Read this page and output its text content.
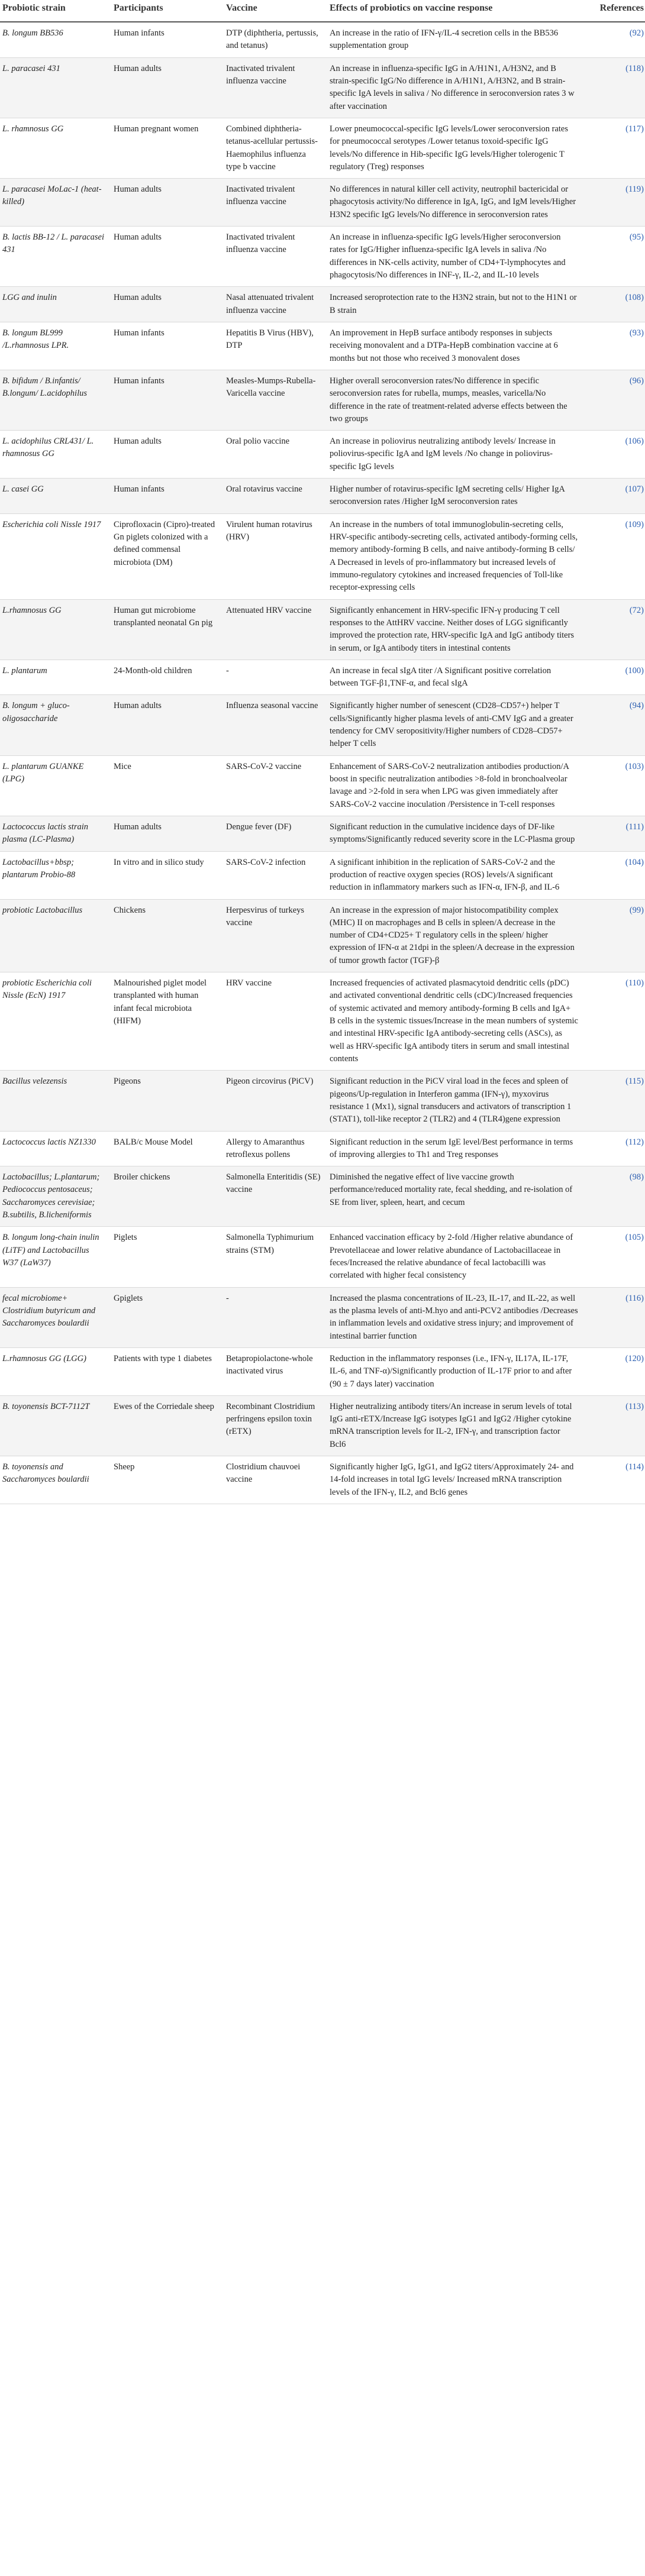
Probiotic strain	Participants	Vaccine	Effects of probiotics on vaccine response	References
B. longum BB536	Human infants	DTP (diphtheria, pertussis, and tetanus)	An increase in the ratio of IFN-γ/IL-4 secretion cells in the BB536 supplementation group	(92)
L. paracasei 431	Human adults	Inactivated trivalent influenza vaccine	An increase in influenza-specific IgG in A/H1N1, A/H3N2, and B strain-specific IgG/No difference in A/H1N1, A/H3N2, and B strain-specific IgA levels in saliva / No difference in seroconversion rates 3 w after vaccination	(118)
L. rhamnosus GG	Human pregnant women	Combined diphtheria-tetanus-acellular pertussis-Haemophilus influenza type b vaccine	Lower pneumococcal-specific IgG levels/Lower seroconversion rates for pneumococcal serotypes /Lower tetanus toxoid-specific IgG levels/No difference in Hib-specific IgG levels/Higher tolerogenic T regulatory (Treg) responses	(117)
L. paracasei MoLac-1 (heat-killed)	Human adults	Inactivated trivalent influenza vaccine	No differences in natural killer cell activity, neutrophil bactericidal or phagocytosis activity/No difference in IgA, IgG, and IgM levels/Higher H3N2 specific IgG levels/No difference in seroconversion rates	(119)
B. lactis BB-12 / L. paracasei 431	Human adults	Inactivated trivalent influenza vaccine	An increase in influenza-specific IgG levels/Higher seroconversion rates for IgG/Higher influenza-specific IgA levels in saliva /No differences in NK-cells activity, number of CD4+T-lymphocytes and phagocytosis/No differences in INF-γ, IL-2, and IL-10 levels	(95)
LGG and inulin	Human adults	Nasal attenuated trivalent influenza vaccine	Increased seroprotection rate to the H3N2 strain, but not to the H1N1 or B strain	(108)
B. longum BL999 /L.rhamnosus LPR.	Human infants	Hepatitis B Virus (HBV), DTP	An improvement in HepB surface antibody responses in subjects receiving monovalent and a DTPa-HepB combination vaccine at 6 months but not those who received 3 monovalent doses	(93)
B. bifidum / B.infantis/ B.longum/ L.acidophilus	Human infants	Measles-Mumps-Rubella-Varicella vaccine	Higher overall seroconversion rates/No difference in specific seroconversion rates for rubella, mumps, measles, varicella/No difference in the rate of treatment-related adverse effects between the two groups	(96)
L. acidophilus CRL431/ L. rhamnosus GG	Human adults	Oral polio vaccine	An increase in poliovirus neutralizing antibody levels/ Increase in poliovirus-specific IgA and IgM levels /No change in poliovirus-specific IgG levels	(106)
L. casei GG	Human infants	Oral rotavirus vaccine	Higher number of rotavirus-specific IgM secreting cells/ Higher IgA seroconversion rates /Higher IgM seroconversion rates	(107)
Escherichia coli Nissle 1917	Ciprofloxacin (Cipro)-treated Gn piglets colonized with a defined commensal microbiota (DM)	Virulent human rotavirus (HRV)	An increase in the numbers of total immunoglobulin-secreting cells, HRV-specific antibody-secreting cells, activated antibody-forming cells, memory antibody-forming B cells, and naive antibody-forming B cells/ A Decreased in levels of pro-inflammatory but increased levels of immuno-regulatory cytokines and increased frequencies of Toll-like receptor-expressing cells	(109)
L.rhamnosus GG	Human gut microbiome transplanted neonatal Gn pig	Attenuated HRV vaccine	Significantly enhancement in HRV-specific IFN-γ producing T cell responses to the AttHRV vaccine. Neither doses of LGG significantly improved the protection rate, HRV-specific IgA and IgG antibody titers in serum, or IgA antibody titers in intestinal contents	(72)
L. plantarum	24-Month-old children	-	An increase in fecal sIgA titer /A Significant positive correlation between TGF-β1,TNF-α, and fecal sIgA	(100)
B. longum + gluco-oligosaccharide	Human adults	Influenza seasonal vaccine	Significantly higher number of senescent (CD28–CD57+) helper T cells/Significantly higher plasma levels of anti-CMV IgG and a greater tendency for CMV seropositivity/Higher numbers of CD28–CD57+ helper T cells	(94)
L. plantarum GUANKE (LPG)	Mice	SARS-CoV-2 vaccine	Enhancement of SARS-CoV-2 neutralization antibodies production/A boost in specific neutralization antibodies >8-fold in bronchoalveolar lavage and >2-fold in sera when LPG was given immediately after SARS-CoV-2 vaccine inoculation /Persistence in T-cell responses	(103)
Lactococcus lactis strain plasma (LC-Plasma)	Human adults	Dengue fever (DF)	Significant reduction in the cumulative incidence days of DF-like symptoms/Significantly reduced severity score in the LC-Plasma group	(111)
Lactobacillus+bbsp; plantarum Probio-88	In vitro and in silico study	SARS-CoV-2 infection	A significant inhibition in the replication of SARS-CoV-2 and the production of reactive oxygen species (ROS) levels/A significant reduction in inflammatory markers such as IFN-α, IFN-β, and IL-6	(104)
probiotic Lactobacillus	Chickens	Herpesvirus of turkeys vaccine	An increase in the expression of major histocompatibility complex (MHC) II on macrophages and B cells in spleen/A decrease in the number of CD4+CD25+ T regulatory cells in the spleen/ higher expression of IFN-α at 21dpi in the spleen/A decrease in the expression of tumor growth factor (TGF)-β	(99)
probiotic Escherichia coli Nissle (EcN) 1917	Malnourished piglet model transplanted with human infant fecal microbiota (HIFM)	HRV vaccine	Increased frequencies of activated plasmacytoid dendritic cells (pDC) and activated conventional dendritic cells (cDC)/Increased frequencies of systemic activated and memory antibody-forming B cells and IgA+ B cells in the systemic tissues/Increase in the mean numbers of systemic and intestinal HRV-specific IgA antibody-secreting cells (ASCs), as well as HRV-specific IgA antibody titers in serum and small intestinal contents	(110)
Bacillus velezensis	Pigeons	Pigeon circovirus (PiCV)	Significant reduction in the PiCV viral load in the feces and spleen of pigeons/Up-regulation in Interferon gamma (IFN-γ), myxovirus resistance 1 (Mx1), signal transducers and activators of transcription 1 (STAT1), toll-like receptor 2 (TLR2) and 4 (TLR4)gene expression	(115)
Lactococcus lactis NZ1330	BALB/c Mouse Model	Allergy to Amaranthus retroflexus pollens	Significant reduction in the serum IgE level/Best performance in terms of improving allergies to Th1 and Treg responses	(112)
Lactobacillus; L.plantarum; Pediococcus pentosaceus; Saccharomyces cerevisiae; B.subtilis, B.licheniformis	Broiler chickens	Salmonella Enteritidis (SE) vaccine	Diminished the negative effect of live vaccine growth performance/reduced mortality rate, fecal shedding, and re-isolation of SE from liver, spleen, heart, and cecum	(98)
B. longum long-chain inulin (LiTF) and Lactobacillus W37 (LaW37)	Piglets	Salmonella Typhimurium strains (STM)	Enhanced vaccination efficacy by 2-fold /Higher relative abundance of Prevotellaceae and lower relative abundance of Lactobacillaceae in feces/Increased the relative abundance of fecal lactobacilli was correlated with higher fecal consistency	(105)
fecal microbiome+ Clostridium butyricum and Saccharomyces boulardii	Gpiglets	-	Increased the plasma concentrations of IL-23, IL-17, and IL-22, as well as the plasma levels of anti-M.hyo and anti-PCV2 antibodies /Decreases in inflammation levels and oxidative stress injury; and improvement of intestinal barrier function	(116)
L.rhamnosus GG (LGG)	Patients with type 1 diabetes	Betapropiolactone-whole inactivated virus	Reduction in the inflammatory responses (i.e., IFN-γ, IL17A, IL-17F, IL-6, and TNF-α)/Significantly production of IL-17F prior to and after (90 ± 7 days later) vaccination	(120)
B. toyonensis BCT-7112T	Ewes of the Corriedale sheep	Recombinant Clostridium perfringens epsilon toxin (rETX)	Higher neutralizing antibody titers/An increase in serum levels of total IgG anti-rETX/Increase IgG isotypes IgG1 and IgG2 /Higher cytokine mRNA transcription levels for IL-2, IFN-γ, and transcription factor Bcl6	(113)
B. toyonensis and Saccharomyces boulardii	Sheep	Clostridium chauvoei vaccine	Significantly higher IgG, IgG1, and IgG2 titers/Approximately 24- and 14-fold increases in total IgG levels/ Increased mRNA transcription levels of the IFN-γ, IL2, and Bcl6 genes	(114)
